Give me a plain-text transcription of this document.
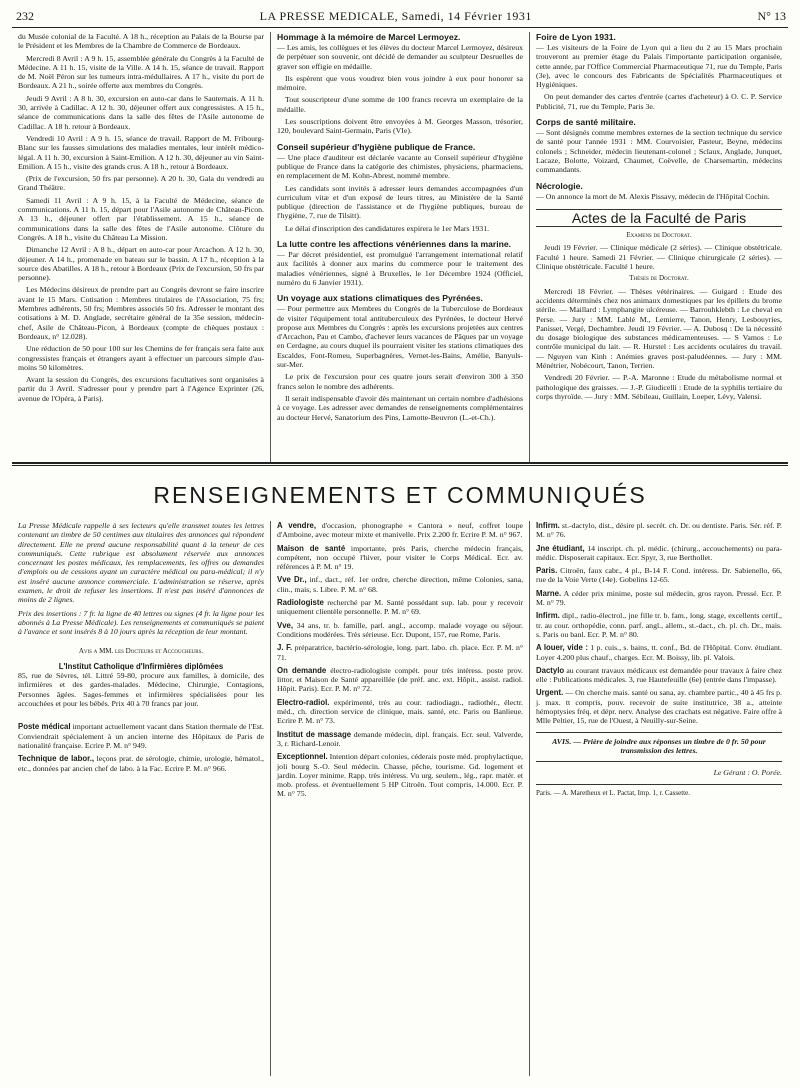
232	LA PRESSE MEDICALE, Samedi, 14 Février 1931	N° 13

du Musée colonial de la Faculté. A 18 h., réception au Palais de la Bourse par le Président et les Membres de la Chambre de Commerce de Bordeaux.

Mercredi 8 Avril : A 9 h. 15, assemblée générale du Congrès à la Faculté de Médecine. A 11 h. 15, visite de la Ville. A 14 h. 15, séance de travail. Rapport de M. Noël Péron sur les tumeurs intra-médullaires. A 17 h., visite du port de Bordeaux. A 21 h., soirée offerte aux membres du Congrès.

Jeudi 9 Avril : A 8 h. 30, excursion en auto-car dans le Sauternais. A 11 h. 30, arrivée à Cadillac. A 12 h. 30, déjeuner offert aux congressistes. A 15 h., séance de communications dans la salle des fêtes de l'Asile autonome de Cadillac. A 18 h. retour à Bordeaux.

Vendredi 10 Avril : A 9 h. 15, séance de travail. Rapport de M. Fribourg-Blanc sur les fausses simulations des maladies mentales, leur intérêt médico-légal. A 11 h. 30, excursion à Saint-Emilion. A 12 h. 30, déjeuner au vin Saint-Emilion. A 15 h., visite des grands crus. A 18 h., retour à Bordeaux.

(Prix de l'excursion, 50 frs par personne). A 20 h. 30, Gala du vendredi au Grand Théâtre.

Samedi 11 Avril : A 9 h. 15, à la Faculté de Médecine, séance de communications. A 11 h. 15, départ pour l'Asile autonome de Château-Picon. A 13 h., déjeuner offert par l'établissement. A 15 h., séance de communications dans la salle des fêtes de l'Asile autonome. Clôture du Congrès. A 18 h., visite du Château La Mission.

Dimanche 12 Avril : A 8 h., départ en auto-car pour Arcachon. A 12 h. 30, déjeuner. A 14 h., promenade en bateau sur le bassin. A 17 h., réception à la source des Abatilles. A 18 h., retour à Bordeaux (Prix de l'excursion, 50 frs par personne).

Les Médecins désireux de prendre part au Congrès devront se faire inscrire avant le 15 Mars. Cotisation : Membres titulaires de l'Association, 75 frs; Membres adhérents, 50 frs; Membres associés 50 frs. Adresser le montant des cotisations à M. D. Anglade, secrétaire général de la 35e session, médecin-chef, Asile de Château-Picon, à Bordeaux (compte de chèques postaux : Bordeaux, n° 12.028).

Une réduction de 50 pour 100 sur les Chemins de fer français sera faite aux congressistes français et étrangers ayant à effectuer un parcours simple d'au-moins 50 kilomètres.

Avant la session du Congrès, des excursions facultatives sont organisées à partir du 3 Avril. S'adresser pour y prendre part à l'Agence Exprinter (26, avenue de l'Opéra, à Paris).

Hommage à la mémoire de Marcel Lermoyez.

— Les amis, les collègues et les élèves du docteur Marcel Lermoyez, désireux de perpétuer son souvenir, ont décidé de demander au sculpteur Desruelles de graver son effigie en médaille.

Ils espèrent que vous voudrez bien vous joindre à eux pour honorer sa mémoire.

Tout souscripteur d'une somme de 100 francs recevra un exemplaire de la médaille.

Les souscriptions doivent être envoyées à M. Georges Masson, trésorier, 120, boulevard Saint-Germain, Paris (VIe).

Conseil supérieur d'hygiène publique de France.

— Une place d'auditeur est déclarée vacante au Conseil supérieur d'hygiène publique de France dans la catégorie des chimistes, physiciens, pharmaciens, en remplacement de M. Kohn-Abrest, nommé membre.

Les candidats sont invités à adresser leurs demandes accompagnées d'un curriculum vitæ et d'un exposé de leurs titres, au Ministère de la Santé publique (direction de l'assistance et de l'hygiène publiques, bureau de l'hygiène, 7, rue de Tilsitt).

Le délai d'inscription des candidatures expirera le 1er Mars 1931.

La lutte contre les affections vénériennes dans la marine.

— Par décret présidentiel, est promulgué l'arrangement international relatif aux facilités à donner aux marins du commerce pour le traitement des maladies vénériennes, signé à Bruxelles, le 1er Décembre 1924 (Officiel, numéro du 6 Janvier 1931).

Un voyage aux stations climatiques des Pyrénées.

— Pour permettre aux Membres du Congrès de la Tuberculose de Bordeaux de visiter l'équipement total antituberculeux des Pyrénées, le docteur Hervé propose aux Membres du Congrès : après les excursions projetées aux centres d'Arcachon, Pau et Cambo, d'achever leurs vacances de Pâques par un voyage en Cerdagne, au cours duquel ils pourraient visiter les stations climatiques des Escaldes, Font-Romeu, Superbagnères, Vernet-les-Bains, Amélie, Banyuls-sur-Mer.

Le prix de l'excursion pour ces quatre jours serait d'environ 300 à 350 francs selon le nombre des adhérents.

Il serait indispensable d'avoir dès maintenant un certain nombre d'adhésions à ce voyage. Les adresser avec demandes de renseignements complémentaires au docteur Hervé, Sanatorium des Pins, Lamotte-Beuvron (L.-et-Ch.).

Foire de Lyon 1931.

— Les visiteurs de la Foire de Lyon qui a lieu du 2 au 15 Mars prochain trouveront au premier étage du Palais l'importante participation organisée, cette année, par l'Office Commercial Pharmaceutique 71, rue du Temple, Paris (3e), avec le concours des Fabricants de Spécialités Pharmaceutiques et Hygiéniques.

On peut demander des cartes d'entrée (cartes d'acheteur) à O. C. P. Service Publicité, 71, rue du Temple, Paris 3e.

Corps de santé militaire.

— Sont désignés comme membres externes de la section technique du service de santé pour l'année 1931 : MM. Courvoisier, Pasteur, Beyne, médecins colonels ; Schneider, médecin lieutenant-colonel ; Sclaux, Anglade, Junquet, Lacaze, Bolotte, Voizard, Chaumet, Coëvelle, de Charsemartin, médecins commandants.

Nécrologie.

— On annonce la mort de M. Alexis Pissavy, médecin de l'Hôpital Cochin.

Actes de la Faculté de Paris
Examens de Doctorat.

Jeudi 19 Février. — Clinique médicale (2 séries). — Clinique obstétricale. Faculté 1 heure. Samedi 21 Février. — Clinique chirurgicale (2 séries). — Clinique obstétricale. Faculté 1 heure.

Thèses de Doctorat.

Mercredi 18 Février. — Thèses vétérinaires. — Guigard : Etude des accidents déterminés chez nos animaux domestiques par les épillets du brome stérile. — Maillard : Lymphangite ulcéreuse. — Barrouhklebth : Le cheval en Perse. — Jury : MM. Lablé M., Lemierre, Tanon, Henry, Lesbouyries, Panisset, Vergé, Dechambre. Jeudi 19 Février. — A. Dubosq : De la nécessité du dosage biologique des substances médicamenteuses. — S Vamos : Le contrôle municipal du lait. — R. Hurstel : Les accidents oculaires du travail. — Nguyen van Kinh : Anémies graves post-paludéennes. — Jury : MM. Ménétrier, Nobécourt, Tanon, Terrien.

Vendredi 20 Février. — P.-A. Maronne : Etude du métabolisme normal et pathologique des graisses. — J.-P. Giudicelli : Etude de la syphilis tertiaire du corps thyroïde. — Jury : MM. Sébileau, Guillain, Loeper, Lévy, Valensi.

RENSEIGNEMENTS ET COMMUNIQUÉS

La Presse Médicale rappelle à ses lecteurs qu'elle transmet toutes les lettres contenant un timbre de 50 centimes aux titulaires des annonces qui répondent directement. Elle ne prend aucune responsabilité quant à la teneur de ces communiqués. Cette rubrique est absolument réservée aux annonces concernant les postes médicaux, les remplacements, les offres ou demandes d'emplois ou de cessions ayant un caractère médical ou para-médical; il n'y est inséré aucune annonce commerciale. L'administration se réserve, après examen, le droit de refuser les insertions. Il n'est pas inséré d'annonces de moins de 2 lignes.

Prix des insertions : 7 fr. la ligne de 40 lettres ou signes (4 fr. la ligne pour les abonnés à La Presse Médicale). Les renseignements et communiqués se paient à l'avance et sont insérés 8 à 10 jours après la réception de leur montant.

Avis a MM. les Docteurs et Accoucheurs.

L'Institut Catholique d'Infirmières diplômées

85, rue de Sèvres, tél. Littré 59-80, procure aux familles, à domicile, des infirmières et des gardes-malades. Médecine, Chirurgie, Contagions, Personnes âgées. Sages-femmes et infirmières spécialisées pour les accouchées et pour les bébés. Prix 40 à 70 francs par jour.

Poste médical important actuellement vacant dans Station thermale de l'Est. Conviendrait spécialement à un ancien interne des Hôpitaux de Paris de nationalité française. Ecrire P. M. n° 949.

Technique de labor., leçons prat. de sérologie, chimie, urologie, hématol., etc., données par ancien chef de labo. à la Fac. Ecrire P. M. n° 966.

A vendre, d'occasion, phonographe « Cantora » neuf, coffret loupe d'Amboine, avec moteur mixte et manivelle. Prix 2.200 fr. Ecrire P. M. n° 967.

Maison de santé importante, près Paris, cherche médecin français, compétent, non occupé l'hiver, pour visiter le Corps Médical. Ecr. av. références à P. M. n° 19.

Vve Dr., inf., dact., réf. 1er ordre, cherche direction, même Colonies, sana, clin., mais, s. Libre. P. M. n° 68.

Radiologiste recherché par M. Santé possédant sup. lab. pour y recevoir uniquement clientèle personnelle. P. M. n° 69.

Vve, 34 ans, tr. b. famille, parl. angl., accomp. malade voyage ou séjour. Conditions modérées. Très sérieuse. Ecr. Dupont, 157, rue Rome, Paris.

J. F. préparatrice, bactério-sérologie, long. part. labo. ch. place. Ecr. P. M. n° 71.

On demande électro-radiologiste compét. pour très intéress. poste prov. littor, et Maison de Santé appareillée (de préf. anc. ext. Hôpit., assist. radiol. Hôpit. Paris). Ecr. P. M. n° 72.

Electro-radiol. expérimenté, très au cour. radiodiagn., radiothér., électr. méd., ch. direction service de clinique, mais. santé, etc. Paris ou Banlieue. Ecrire P. M. n° 73.

Institut de massage demande médecin, dipl. français. Ecr. seul. Valverde, 3, r. Richard-Lenoir.

Exceptionnel. Intention départ colonies, céderais poste méd. prophylactique, joli bourg S.-O. Seul médecin. Chasse, pêche, tourisme. Gd. logement et jardin. Loyer minime. Rapp. très intéress. Vu urg. seulem., lég., rapr. matér. et mob. profess. et éventuellement 5 HP Citroën. Tout compris, 14.000. Ecr. P. M. n° 75.

Infirm. st.-dactylo, dist., désire pl. secrét. ch. Dr. ou dentiste. Paris. Sér. réf. P. M. n° 76.

Jne étudiant, 14 inscript. ch. pl. médic. (chirurg., accouchements) ou para-médic. Disposerait capitaux. Ecr. Spyr, 3, rue Berthollet.

Paris. Citroën, faux cabr., 4 pl., B-14 F. Cond. intéress. Dr. Sabienello, 66, rue de la Voie Verte (14e). Gobelins 12-65.

Marne. A céder prix minime, poste sul médecin, gros rayon. Pressé. Ecr. P. M. n° 79.

Infirm. dipl., radio-électrol., jne fille tr. b. fam., long. stage, excellents certif., tr. au cour. orthopédie, conn. parf. angl., allem., st.-dact., ch. pl. ch. Dr., mais. s. Paris ou banl. Ecr. P. M. n° 80.

A louer, vide : 1 p. cuis., s. bains, tt. conf., Bd. de l'Hôpital. Conv. étudiant. Loyer 4.200 plus chauf., charges. Ecr. M. Boissy, lib. pl. Valois.

Dactylo au courant travaux médicaux est demandée pour travaux à faire chez elle : Publications médicales. 3, rue Hautefeuille (6e) (entrée dans l'impasse).

Urgent. — On cherche mais. santé ou sana, ay. chambre partic., 40 à 45 frs p. j. max. tt compris, pouv. recevoir de suite institutrice, 38 a., atteinte hémoptysies fréq. et dépr. nerv. Analyse des crachats est négative. Faire offre à Mlle Peltier, 15, rue de l'Ouest, à Neuilly-sur-Seine.

AVIS. — Prière de joindre aux réponses un timbre de 0 fr. 50 pour transmission des lettres.
Le Gérant : O. Porée.
Paris. — A. Maretheux et L. Pactat, Imp. 1, r. Cassette.
